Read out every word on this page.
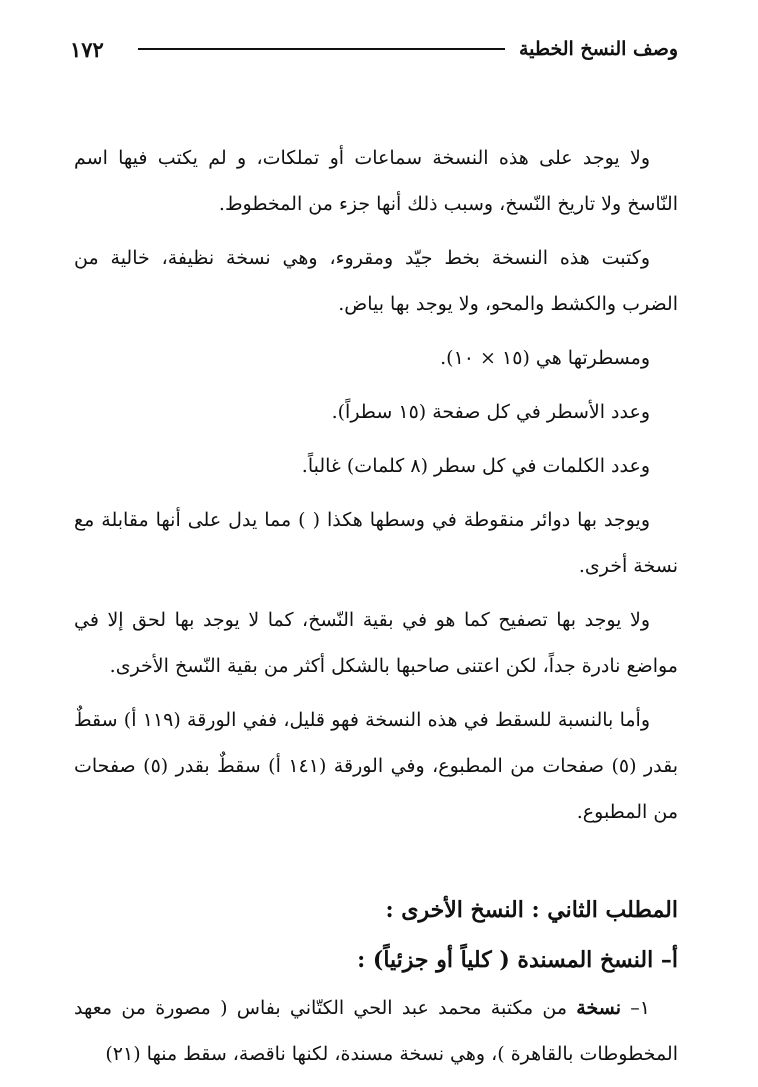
وصف النسخ الخطية
١٧٢

ولا يوجد على هذه النسخة سماعات أو تملكات، و لم يكتب فيها اسم النّاسخ ولا تاريخ النّسخ، وسبب ذلك أنها جزء من المخطوط.

وكتبت هذه النسخة بخط جيّد ومقروء، وهي نسخة نظيفة، خالية من الضرب والكشط والمحو، ولا يوجد بها بياض.

ومسطرتها هي (١٥ × ١٠).

وعدد الأسطر في كل صفحة (١٥ سطراً).

وعدد الكلمات في كل سطر (٨ كلمات) غالباً.

ويوجد بها دوائر منقوطة في وسطها هكذا ( ) مما يدل على أنها مقابلة مع نسخة أخرى.

ولا يوجد بها تصفيح كما هو في بقية النّسخ، كما لا يوجد بها لحق إلا في مواضع نادرة جداً، لكن اعتنى صاحبها بالشكل أكثر من بقية النّسخ الأخرى.

وأما بالنسبة للسقط في هذه النسخة فهو قليل، ففي الورقة (١١٩ أ) سقطٌ بقدر (٥) صفحات من المطبوع، وفي الورقة (١٤١ أ) سقطٌ بقدر (٥) صفحات من المطبوع.

المطلب الثاني : النسخ الأخرى :

أ– النسخ المسندة ( كلياً أو جزئياً) :

١– نسخة من مكتبة محمد عبد الحي الكتّاني بفاس ( مصورة من معهد المخطوطات بالقاهرة )، وهي نسخة مسندة، لكنها ناقصة، سقط منها (٢١)
